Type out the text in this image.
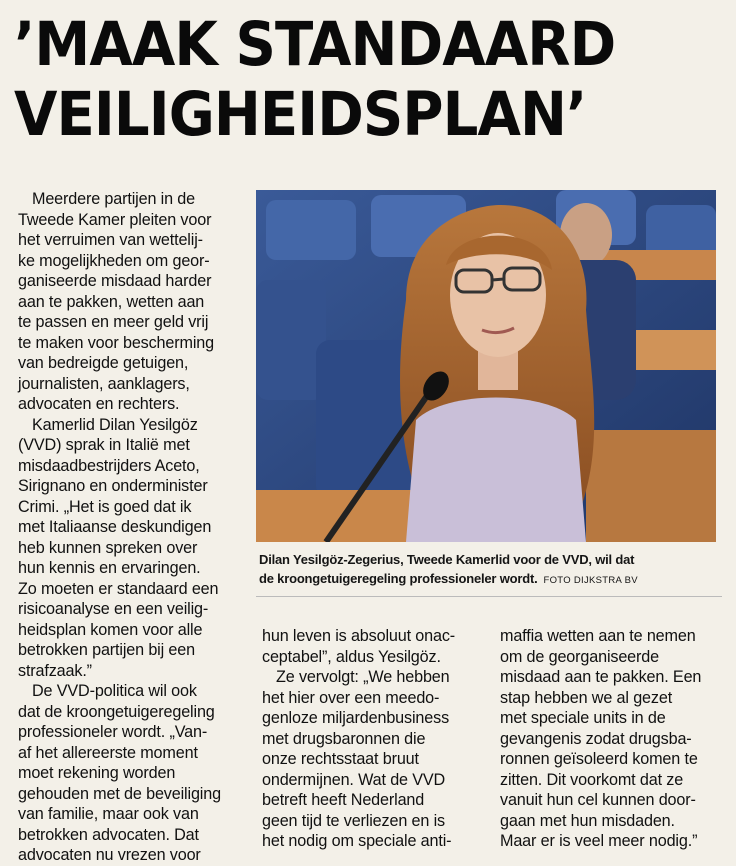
’MAAK STANDAARD
VEILIGHEIDSPLAN’
Meerdere partijen in de
Tweede Kamer pleiten voor
het verruimen van wettelij-
ke mogelijkheden om geor-
ganiseerde misdaad harder
aan te pakken, wetten aan
te passen en meer geld vrij
te maken voor bescherming
van bedreigde getuigen,
journalisten, aanklagers,
advocaten en rechters.
Kamerlid Dilan Yesilgöz
(VVD) sprak in Italië met
misdaadbestrijders Aceto,
Sirignano en onderminister
Crimi. „Het is goed dat ik
met Italiaanse deskundigen
heb kunnen spreken over
hun kennis en ervaringen.
Zo moeten er standaard een
risicoanalyse en een veilig-
heidsplan komen voor alle
betrokken partijen bij een
strafzaak.”
De VVD-politica wil ook
dat de kroongetuigeregeling
professioneler wordt. „Van-
af het allereerste moment
moet rekening worden
gehouden met de beveiliging
van familie, maar ook van
betrokken advocaten. Dat
advocaten nu vrezen voor
Dilan Yesilgöz-Zegerius, Tweede Kamerlid voor de VVD, wil dat
de kroongetuigeregeling professioneler wordt. FOTO DIJKSTRA BV
hun leven is absoluut onac-
ceptabel”, aldus Yesilgöz.
Ze vervolgt: „We hebben
het hier over een meedo-
genloze miljardenbusiness
met drugsbaronnen die
onze rechtsstaat bruut
ondermijnen. Wat de VVD
betreft heeft Nederland
geen tijd te verliezen en is
het nodig om speciale anti-
maffia wetten aan te nemen
om de georganiseerde
misdaad aan te pakken. Een
stap hebben we al gezet
met speciale units in de
gevangenis zodat drugsba-
ronnen geïsoleerd komen te
zitten. Dit voorkomt dat ze
vanuit hun cel kunnen door-
gaan met hun misdaden.
Maar er is veel meer nodig.”
